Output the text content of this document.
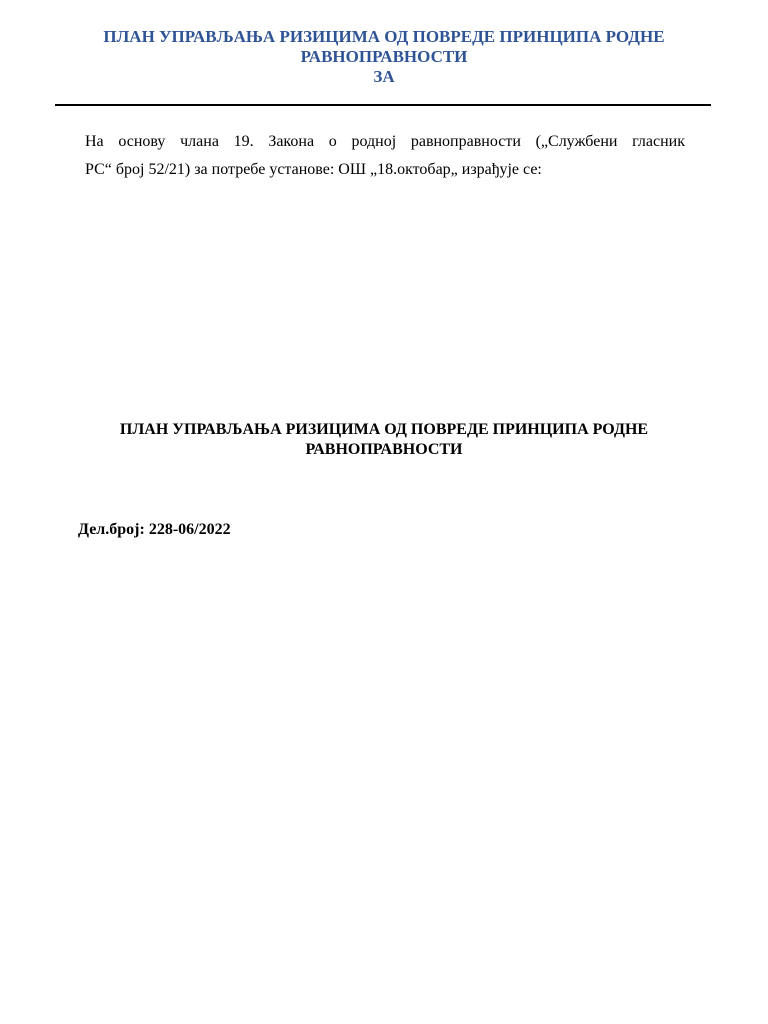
ПЛАН УПРАВЉАЊА РИЗИЦИМА ОД ПОВРЕДЕ ПРИНЦИПА РОДНЕ
РАВНОПРАВНОСТИ
ЗА
На основу члана 19. Закона о родној равноправности („Службени гласник
РС“ број 52/21) за потребе установе: ОШ „18.октобар„ израђује се:
ПЛАН УПРАВЉАЊА РИЗИЦИМА ОД ПОВРЕДЕ ПРИНЦИПА РОДНЕ
РАВНОПРАВНОСТИ
Дел.број: 228-06/2022
